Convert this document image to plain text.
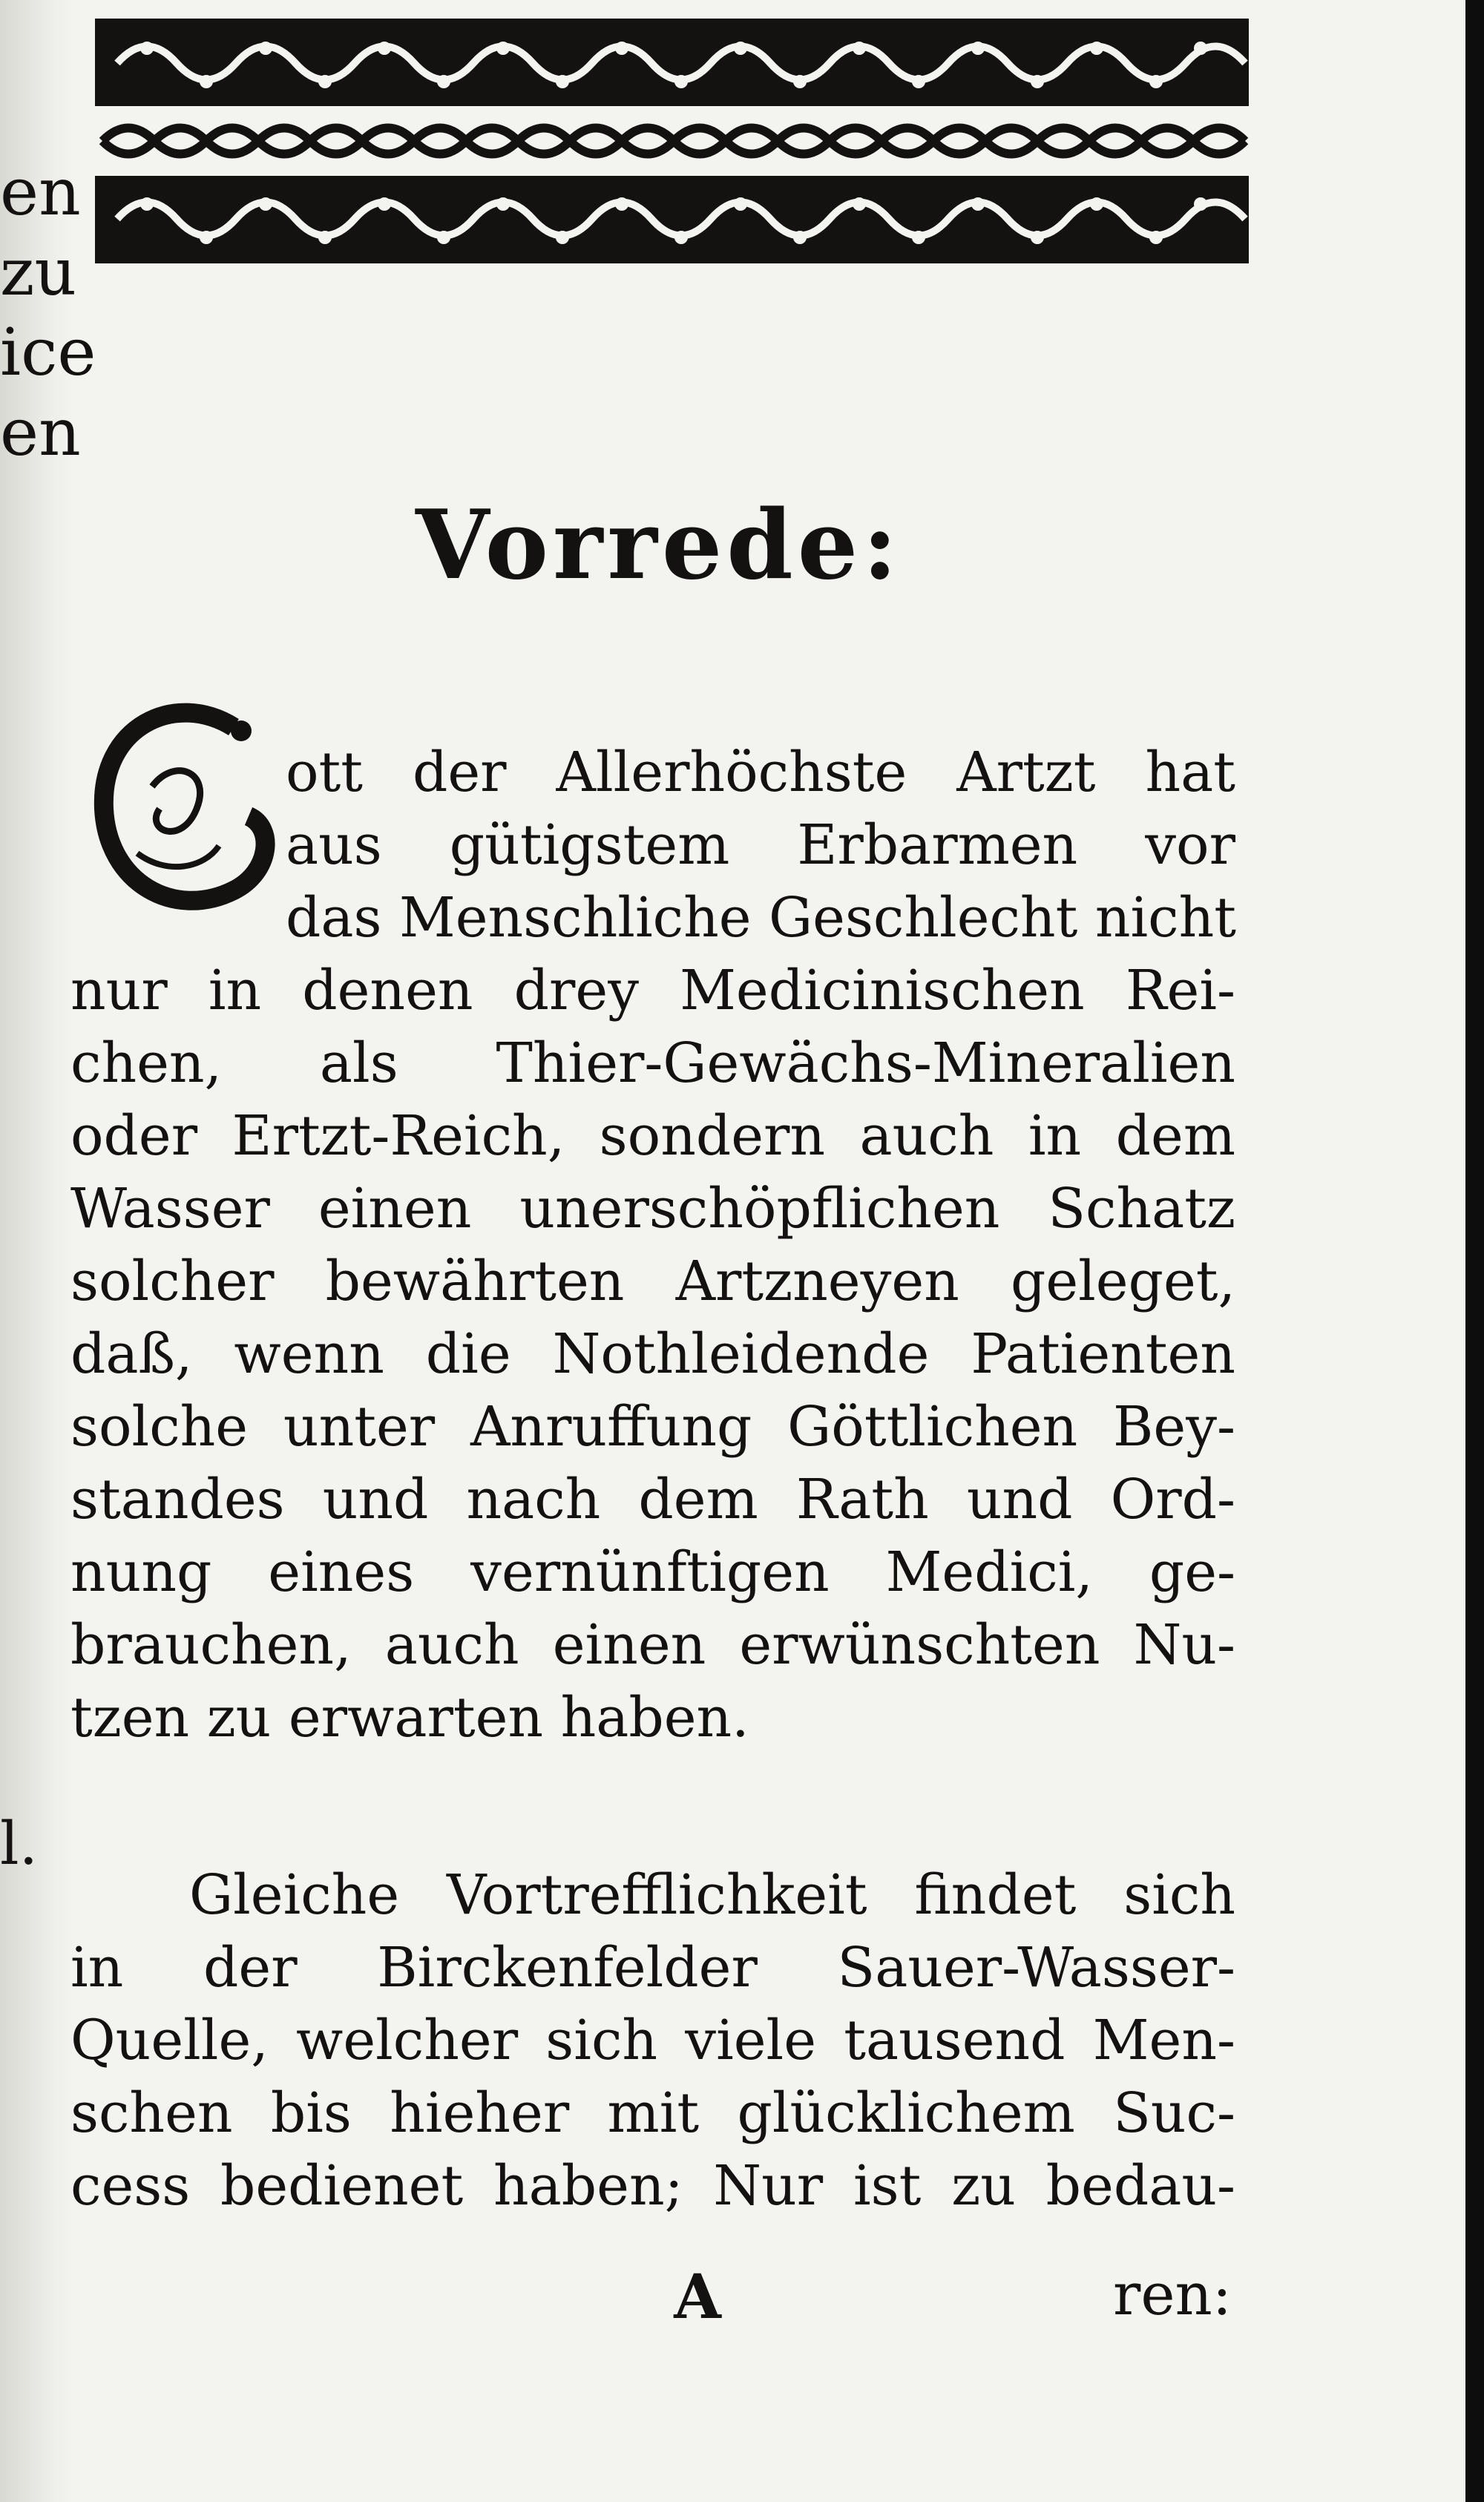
en
zu
ice
en
l.
Vorrede:
ott der Allerhöchste Artzt hat
aus gütigstem Erbarmen vor
das Menschliche Geschlecht nicht
nur in denen drey Medicinischen Rei-
chen, als Thier-Gewächs-Mineralien
oder Ertzt-Reich, sondern auch in dem
Wasser einen unerschöpflichen Schatz
solcher bewährten Artzneyen geleget,
daß, wenn die Nothleidende Patienten
solche unter Anruffung Göttlichen Bey-
standes und nach dem Rath und Ord-
nung eines vernünftigen Medici, ge-
brauchen, auch einen erwünschten Nu-
tzen zu erwarten haben.
Gleiche Vortrefflichkeit findet sich
in der Birckenfelder Sauer-Wasser-
Quelle, welcher sich viele tausend Men-
schen bis hieher mit glücklichem Suc-
cess bedienet haben; Nur ist zu bedau-
A	ren:
